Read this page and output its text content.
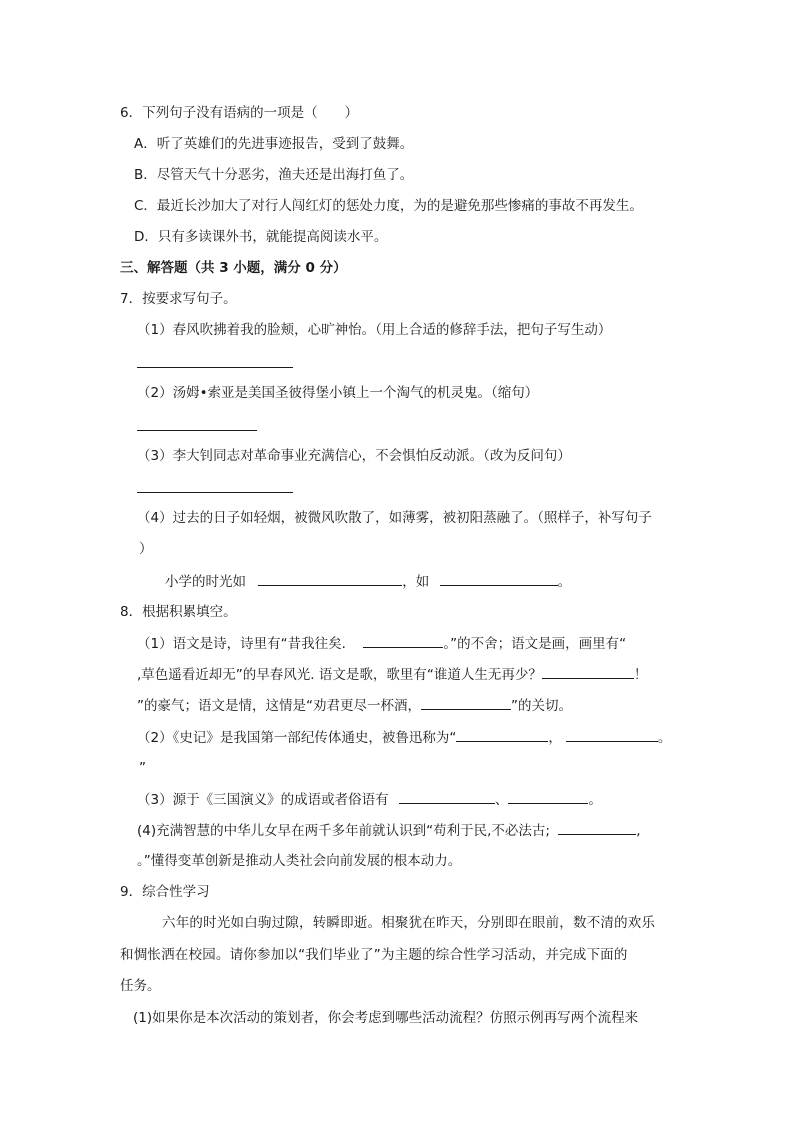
6．下列句子没有语病的一项是（　　）
A．听了英雄们的先进事迹报告，受到了鼓舞。
B．尽管天气十分恶劣，渔夫还是出海打鱼了。
C．最近长沙加大了对行人闯红灯的惩处力度，为的是避免那些惨痛的事故不再发生。
D．只有多读课外书，就能提高阅读水平。
三、解答题（共 3 小题，满分 0 分）
7．按要求写句子。
（1）春风吹拂着我的脸颊，心旷神怡。（用上合适的修辞手法，把句子写生动）
（2）汤姆•索亚是美国圣彼得堡小镇上一个淘气的机灵鬼。（缩句）
（3）李大钊同志对革命事业充满信心，不会惧怕反动派。（改为反问句）
（4）过去的日子如轻烟，被微风吹散了，如薄雾，被初阳蒸融了。（照样子，补写句子
）
小学的时光如	，如	。
8．根据积累填空。
（1）语文是诗，诗里有“昔我往矣．	。”的不舍；语文是画，画里有“
,草色遥看近却无”的早春风光. 语文是歌，歌里有“谁道人生无再少？	！
”的豪气；语文是情，这情是“劝君更尽一杯酒，	”的关切。
（2）《史记》是我国第一部纪传体通史，被鲁迅称为“	，	。
”
（3）源于《三国演义》的成语或者俗语有	、	。
(4)充满智慧的中华儿女早在两千多年前就认识到“苟利于民,不必法古;	,
。”懂得变革创新是推动人类社会向前发展的根本动力。
9．综合性学习
六年的时光如白驹过隙，转瞬即逝。相聚犹在昨天，分别即在眼前，数不清的欢乐
和惆怅洒在校园。请你参加以“我们毕业了”为主题的综合性学习活动，并完成下面的
任务。
(1)如果你是本次活动的策划者，你会考虑到哪些活动流程？仿照示例再写两个流程来
